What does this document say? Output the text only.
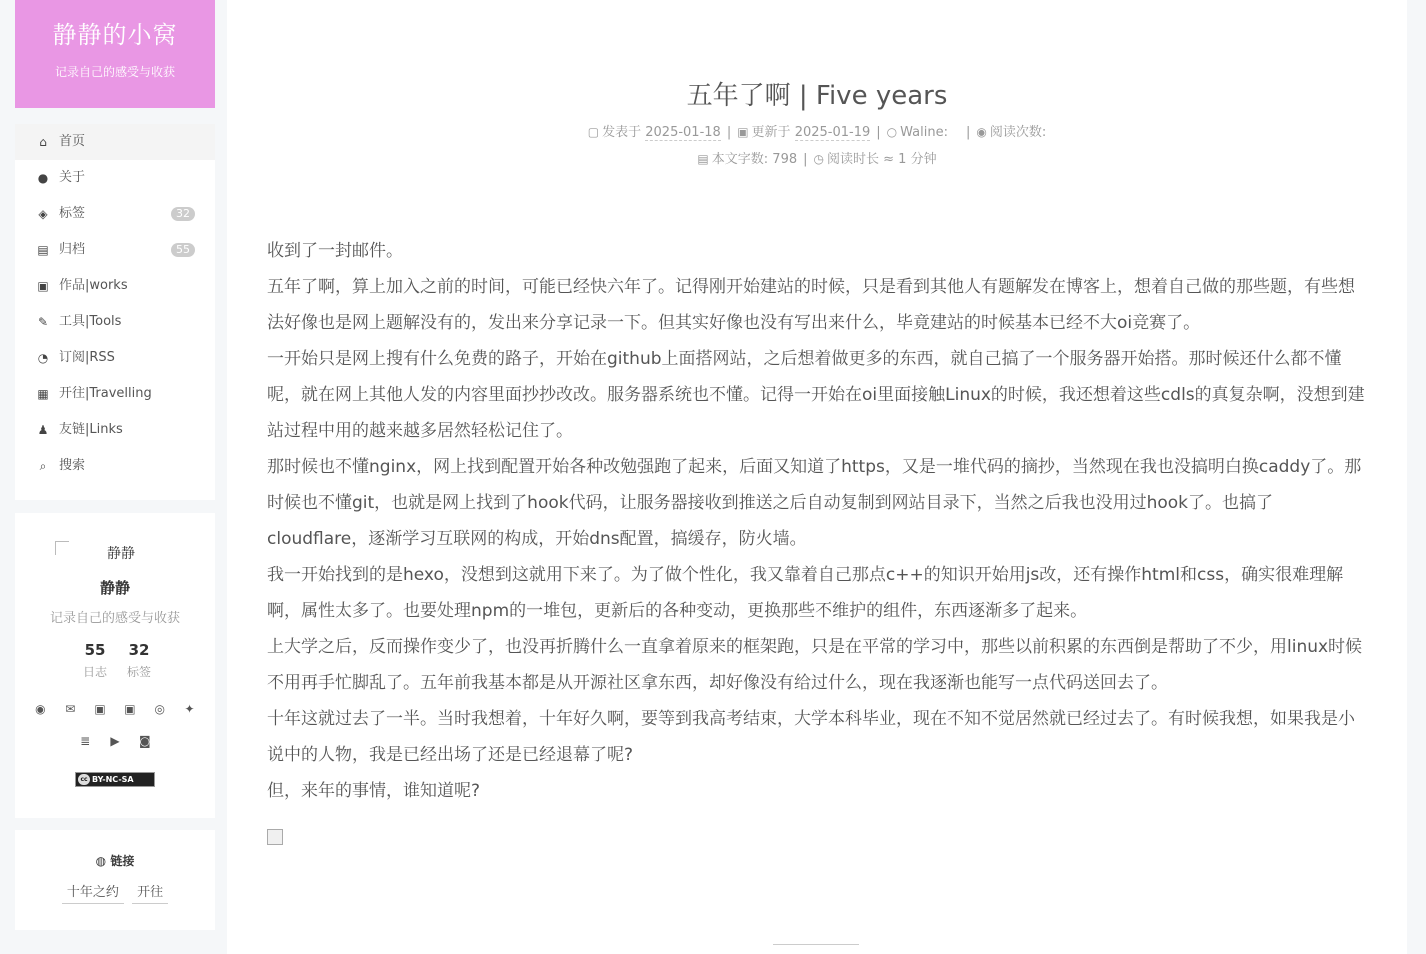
静静的小窝
记录自己的感受与收获
⌂ 首页
● 关于
◈ 标签	32
▤ 归档	55
▣ 作品|works
✎ 工具|Tools
◔ 订阅|RSS
▦ 开往|Travelling
♟ 友链|Links
⌕ 搜索
静静
静静
记录自己的感受与收获
55
日志
32
标签
◉ ✉ ▣ ▣ ◎ ✦
≣ ▶ ◙
cc BY-NC-SA
◍ 链接
十年之约 开往
五年了啊 | Five years
▢ 发表于 2025-01-18 | ▣ 更新于 2025-01-19 | ○ Waline: | ◉ 阅读次数:
▤ 本文字数: 798 | ◷ 阅读时长 ≈ 1 分钟

收到了一封邮件。

五年了啊，算上加入之前的时间，可能已经快六年了。记得刚开始建站的时候，只是看到其他人有题解发在博客上，想着自己做的那些题，有些想法好像也是网上题解没有的，发出来分享记录一下。但其实好像也没有写出来什么，毕竟建站的时候基本已经不大oi竞赛了。

一开始只是网上搜有什么免费的路子，开始在github上面搭网站，之后想着做更多的东西，就自己搞了一个服务器开始搭。那时候还什么都不懂呢，就在网上其他人发的内容里面抄抄改改。服务器系统也不懂。记得一开始在oi里面接触Linux的时候，我还想着这些cdls的真复杂啊，没想到建站过程中用的越来越多居然轻松记住了。

那时候也不懂nginx，网上找到配置开始各种改勉强跑了起来，后面又知道了https，又是一堆代码的摘抄，当然现在我也没搞明白换caddy了。那时候也不懂git，也就是网上找到了hook代码，让服务器接收到推送之后自动复制到网站目录下，当然之后我也没用过hook了。也搞了cloudflare，逐渐学习互联网的构成，开始dns配置，搞缓存，防火墙。

我一开始找到的是hexo，没想到这就用下来了。为了做个性化，我又靠着自己那点c++的知识开始用js改，还有操作html和css，确实很难理解啊，属性太多了。也要处理npm的一堆包，更新后的各种变动，更换那些不维护的组件，东西逐渐多了起来。

上大学之后，反而操作变少了，也没再折腾什么一直拿着原来的框架跑，只是在平常的学习中，那些以前积累的东西倒是帮助了不少，用linux时候不用再手忙脚乱了。五年前我基本都是从开源社区拿东西，却好像没有给过什么，现在我逐渐也能写一点代码送回去了。

十年这就过去了一半。当时我想着，十年好久啊，要等到我高考结束，大学本科毕业，现在不知不觉居然就已经过去了。有时候我想，如果我是小说中的人物，我是已经出场了还是已经退幕了呢?

但，来年的事情，谁知道呢?
